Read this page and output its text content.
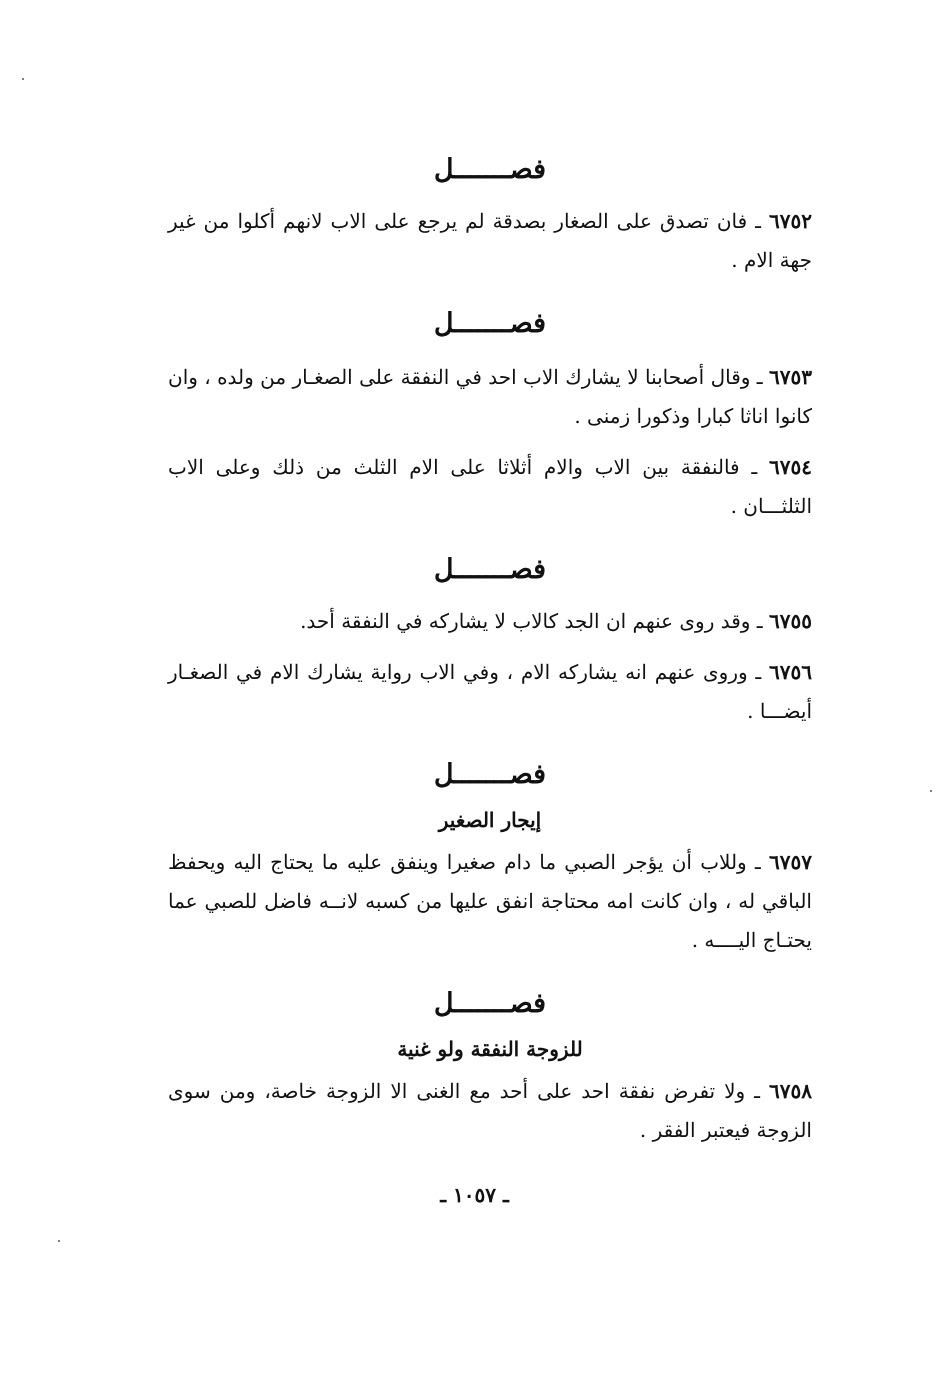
فصـــــــل

٦٧٥٢ ـ فان تصدق على الصغار بصدقة لم يرجع على الاب لانهم أكلوا من غير جهة الام .

فصـــــــل

٦٧٥٣ ـ وقال أصحابنا لا يشارك الاب احد في النفقة على الصغـار من ولده ، وان كانوا اناثا كبارا وذكورا زمنى .

٦٧٥٤ ـ فالنفقة بين الاب والام أثلاثا على الام الثلث من ذلك وعلى الاب الثلثـــان .

فصـــــــل

٦٧٥٥ ـ وقد روى عنهم ان الجد كالاب لا يشاركه في النفقة أحد.

٦٧٥٦ ـ وروى عنهم انه يشاركه الام ، وفي الاب رواية يشارك الام في الصغـار أيضـــا .

فصـــــــل
إيجار الصغير

٦٧٥٧ ـ وللاب أن يؤجر الصبي ما دام صغيرا وينفق عليه ما يحتاج اليه ويحفظ الباقي له ، وان كانت امه محتاجة انفق عليها من كسبه لانــه فاضل للصبي عما يحتـاج اليــــه .

فصـــــــل
للزوجة النفقة ولو غنية

٦٧٥٨ ـ ولا تفرض نفقة احد على أحد مع الغنى الا الزوجة خاصة، ومن سوى الزوجة فيعتبر الفقر .

ـ ١٠٥٧ ـ
